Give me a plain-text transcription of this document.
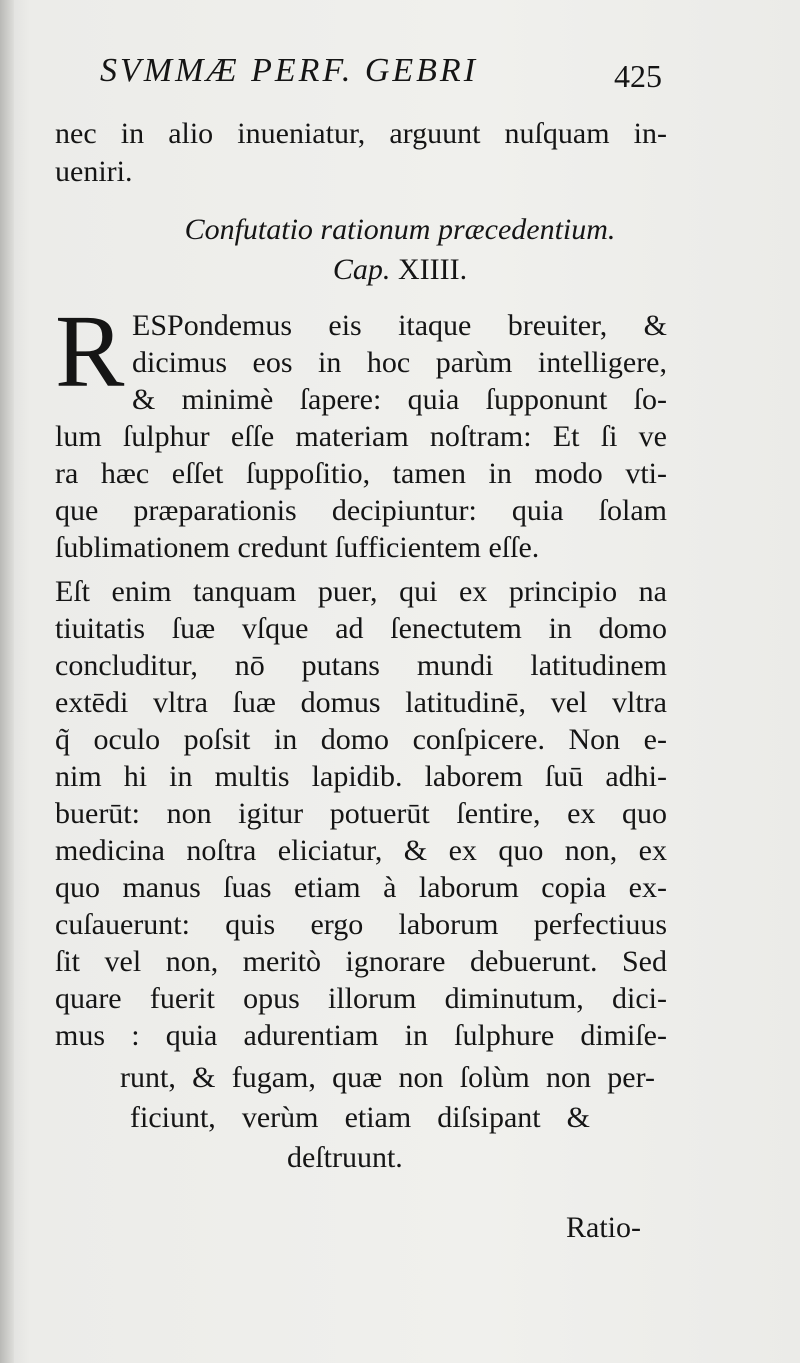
SVMMÆ PERF. GEBRI	425
nec in alio inueniatur, arguunt nuſquam in-
ueniri.
Confutatio rationum præcedentium.
Cap. XIIII.
R ESPondemus eis itaque breuiter, &
dicimus eos in hoc parùm intelligere,
& minimè ſapere: quia ſupponunt ſo-
lum ſulphur eſſe materiam noſtram: Et ſi ve
ra hæc eſſet ſuppoſitio, tamen in modo vti-
que præparationis decipiuntur: quia ſolam
ſublimationem credunt ſufficientem eſſe.
Eſt enim tanquam puer, qui ex principio na
tiuitatis ſuæ vſque ad ſenectutem in domo
concluditur, nō putans mundi latitudinem
extēdi vltra ſuæ domus latitudinē, vel vltra
q̃ oculo poſsit in domo conſpicere. Non e-
nim hi in multis lapidib. laborem ſuū adhi-
buerūt: non igitur potuerūt ſentire, ex quo
medicina noſtra eliciatur, & ex quo non, ex
quo manus ſuas etiam à laborum copia ex-
cuſauerunt: quis ergo laborum perfectiuus
ſit vel non, meritò ignorare debuerunt. Sed
quare fuerit opus illorum diminutum, dici-
mus : quia adurentiam in ſulphure dimiſe-
runt, & fugam, quæ non ſolùm non per-
ficiunt, verùm etiam diſsipant &
deſtruunt.
Ratio-
